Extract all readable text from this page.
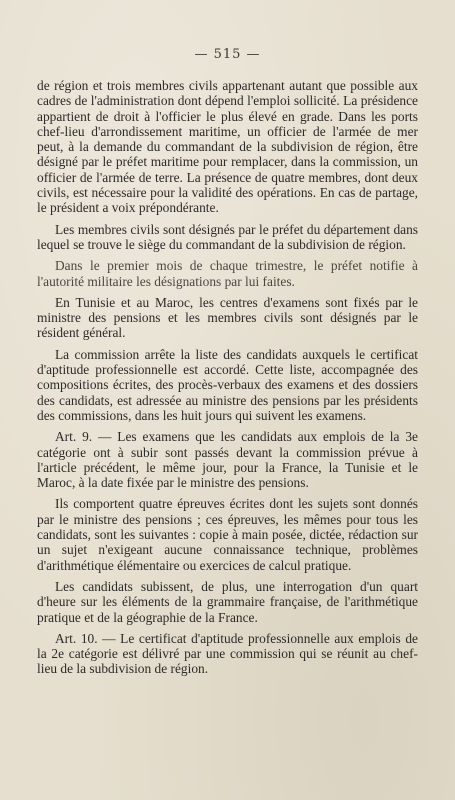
— 515 —

de région et trois membres civils appartenant autant que possible aux cadres de l'administration dont dépend l'emploi sollicité. La présidence appartient de droit à l'officier le plus élevé en grade. Dans les ports chef-lieu d'arrondissement maritime, un officier de l'armée de mer peut, à la demande du commandant de la subdivision de région, être désigné par le préfet maritime pour remplacer, dans la commission, un officier de l'armée de terre. La présence de quatre membres, dont deux civils, est nécessaire pour la validité des opérations. En cas de partage, le président a voix prépondérante.

Les membres civils sont désignés par le préfet du département dans lequel se trouve le siège du commandant de la subdivision de région.

Dans le premier mois de chaque trimestre, le préfet notifie à l'autorité militaire les désignations par lui faites.

En Tunisie et au Maroc, les centres d'examens sont fixés par le ministre des pensions et les membres civils sont désignés par le résident général.

La commission arrête la liste des candidats auxquels le certificat d'aptitude professionnelle est accordé. Cette liste, accompagnée des compositions écrites, des procès-verbaux des examens et des dossiers des candidats, est adressée au ministre des pensions par les présidents des commissions, dans les huit jours qui suivent les examens.

Art. 9. — Les examens que les candidats aux emplois de la 3e catégorie ont à subir sont passés devant la commission prévue à l'article précédent, le même jour, pour la France, la Tunisie et le Maroc, à la date fixée par le ministre des pensions.

Ils comportent quatre épreuves écrites dont les sujets sont donnés par le ministre des pensions ; ces épreuves, les mêmes pour tous les candidats, sont les suivantes : copie à main posée, dictée, rédaction sur un sujet n'exigeant aucune connaissance technique, problèmes d'arithmétique élémentaire ou exercices de calcul pratique.

Les candidats subissent, de plus, une interrogation d'un quart d'heure sur les éléments de la grammaire française, de l'arithmétique pratique et de la géographie de la France.

Art. 10. — Le certificat d'aptitude professionnelle aux emplois de la 2e catégorie est délivré par une commission qui se réunit au chef-lieu de la subdivision de région.
